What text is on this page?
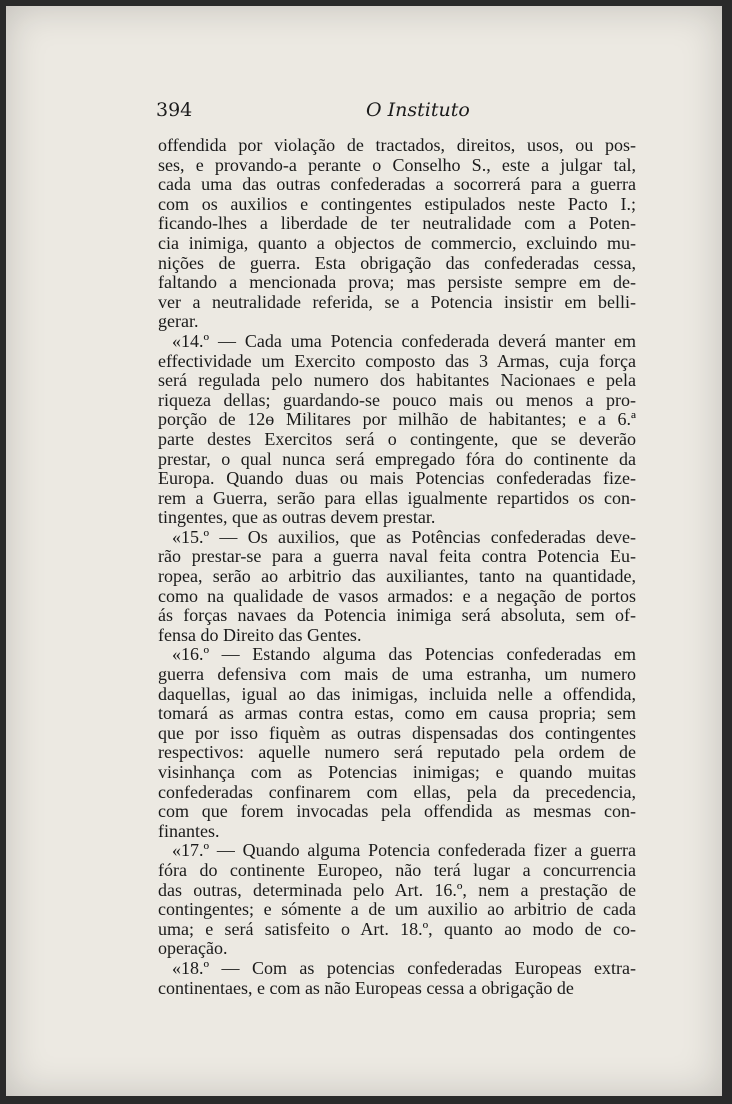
394	O Instituto
offendida por violação de tractados, direitos, usos, ou pos-
ses, e provando-a perante o Conselho S., este a julgar tal,
cada uma das outras confederadas a socorrerá para a guerra
com os auxilios e contingentes estipulados neste Pacto I.;
ficando-lhes a liberdade de ter neutralidade com a Poten-
cia inimiga, quanto a objectos de commercio, excluindo mu-
nições de guerra. Esta obrigação das confederadas cessa,
faltando a mencionada prova; mas persiste sempre em de-
ver a neutralidade referida, se a Potencia insistir em belli-
gerar.
«14.º — Cada uma Potencia confederada deverá manter em
effectividade um Exercito composto das 3 Armas, cuja força
será regulada pelo numero dos habitantes Nacionaes e pela
riqueza dellas; guardando-se pouco mais ou menos a pro-
porção de 12ɵ Militares por milhão de habitantes; e a 6.ª
parte destes Exercitos será o contingente, que se deverão
prestar, o qual nunca será empregado fóra do continente da
Europa. Quando duas ou mais Potencias confederadas fize-
rem a Guerra, serão para ellas igualmente repartidos os con-
tingentes, que as outras devem prestar.
«15.º — Os auxilios, que as Potências confederadas deve-
rão prestar-se para a guerra naval feita contra Potencia Eu-
ropea, serão ao arbitrio das auxiliantes, tanto na quantidade,
como na qualidade de vasos armados: e a negação de portos
ás forças navaes da Potencia inimiga será absoluta, sem of-
fensa do Direito das Gentes.
«16.º — Estando alguma das Potencias confederadas em
guerra defensiva com mais de uma estranha, um numero
daquellas, igual ao das inimigas, incluida nelle a offendida,
tomará as armas contra estas, como em causa propria; sem
que por isso fiquèm as outras dispensadas dos contingentes
respectivos: aquelle numero será reputado pela ordem de
visinhança com as Potencias inimigas; e quando muitas
confederadas confinarem com ellas, pela da precedencia,
com que forem invocadas pela offendida as mesmas con-
finantes.
«17.º — Quando alguma Potencia confederada fizer a guerra
fóra do continente Europeo, não terá lugar a concurrencia
das outras, determinada pelo Art. 16.º, nem a prestação de
contingentes; e sómente a de um auxilio ao arbitrio de cada
uma; e será satisfeito o Art. 18.º, quanto ao modo de co-
operação.
«18.º — Com as potencias confederadas Europeas extra-
continentaes, e com as não Europeas cessa a obrigação de
